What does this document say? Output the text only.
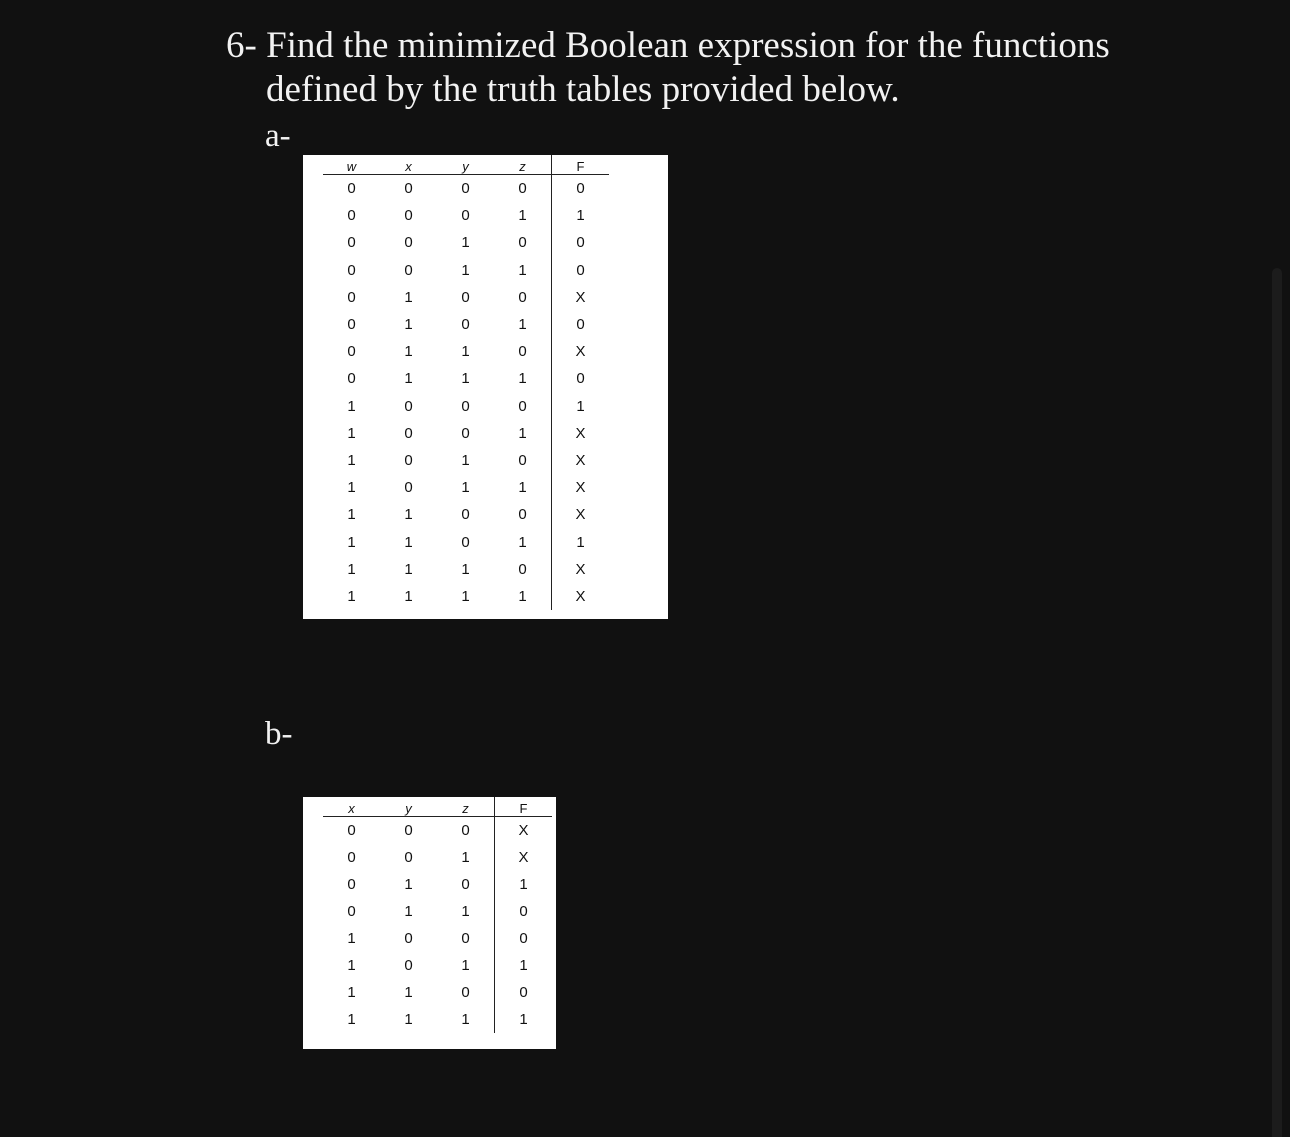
6- Find the minimized Boolean expression for the functions
defined by the truth tables provided below.
a-
w	x	y	z	F
0	0	0	0	0
0	0	0	1	1
0	0	1	0	0
0	0	1	1	0
0	1	0	0	X
0	1	0	1	0
0	1	1	0	X
0	1	1	1	0
1	0	0	0	1
1	0	0	1	X
1	0	1	0	X
1	0	1	1	X
1	1	0	0	X
1	1	0	1	1
1	1	1	0	X
1	1	1	1	X
b-
x	y	z	F
0	0	0	X
0	0	1	X
0	1	0	1
0	1	1	0
1	0	0	0
1	0	1	1
1	1	0	0
1	1	1	1
